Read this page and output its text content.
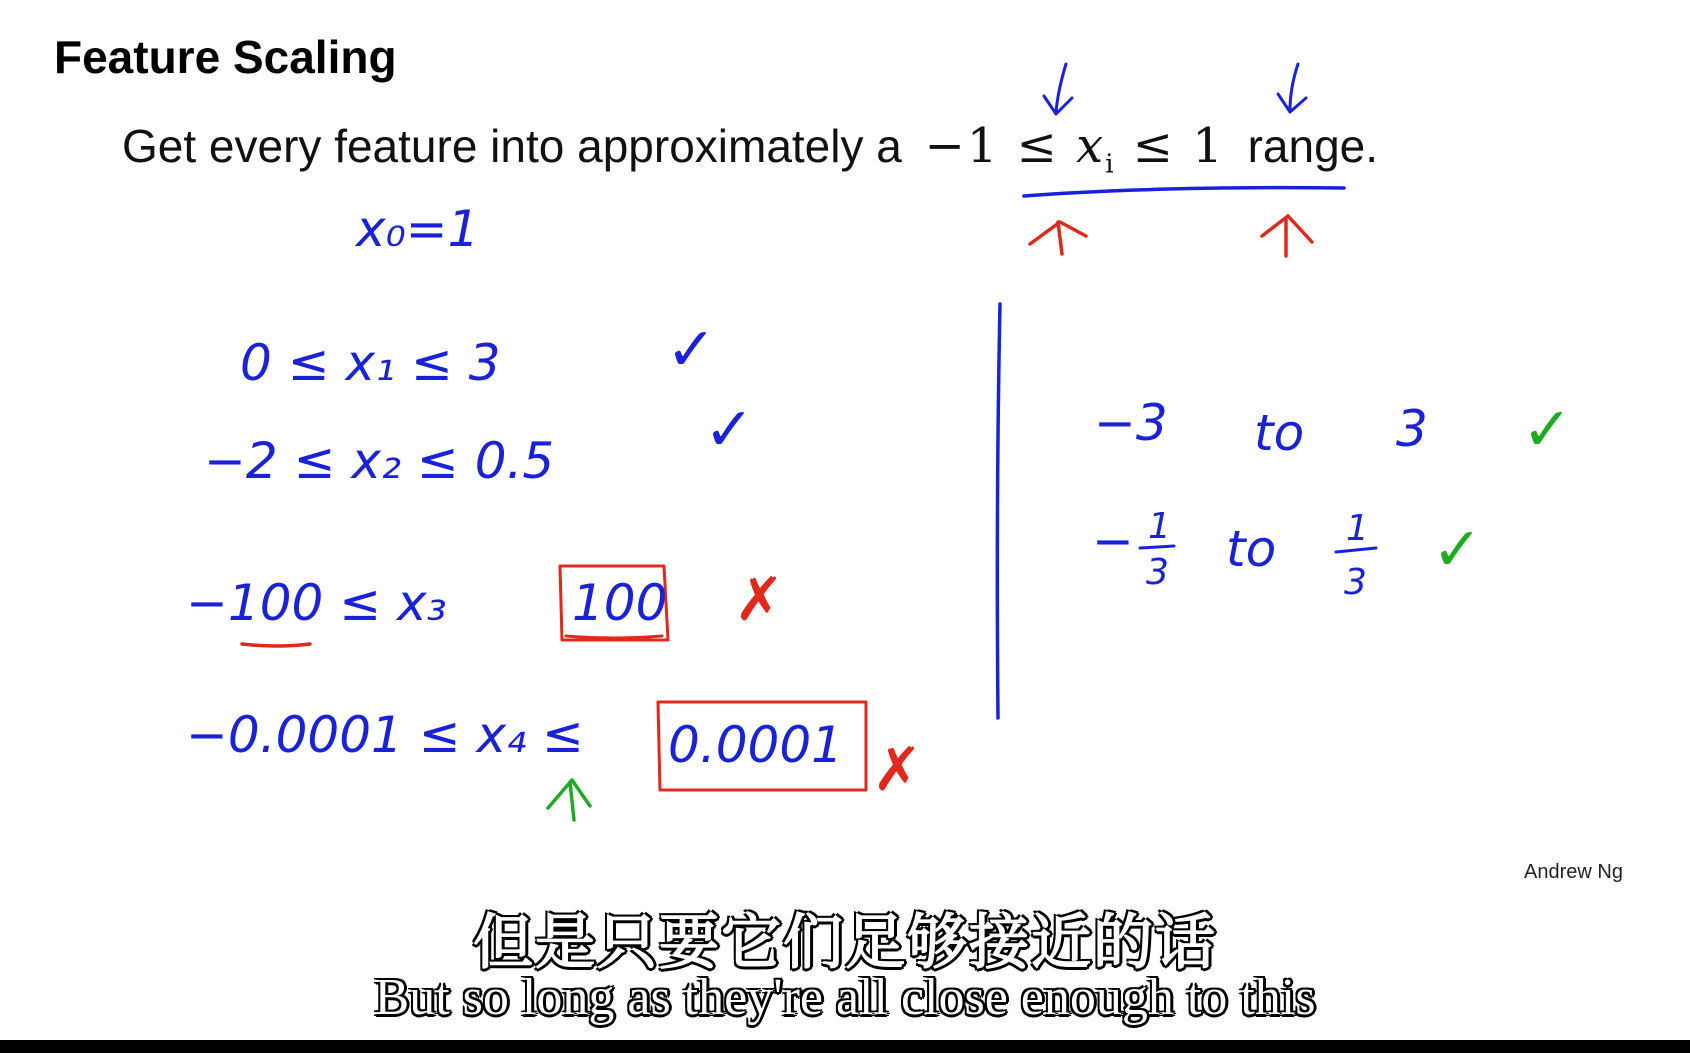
Feature Scaling
Get every feature into approximately $a -1 \le x_i \le 1$ range.
x₀=1
0 ≤ x₁ ≤ 3
−2 ≤ x₂ ≤ 0.5
−100 ≤ x₃	100
−0.0001 ≤ x₄ ≤ 0.0001
−3 to 3
− to
1
3
1
3
✓
✓
✗
✗
✓
✓
Andrew Ng
但是只要它们足够接近的话
But so long as they're all close enough to this
